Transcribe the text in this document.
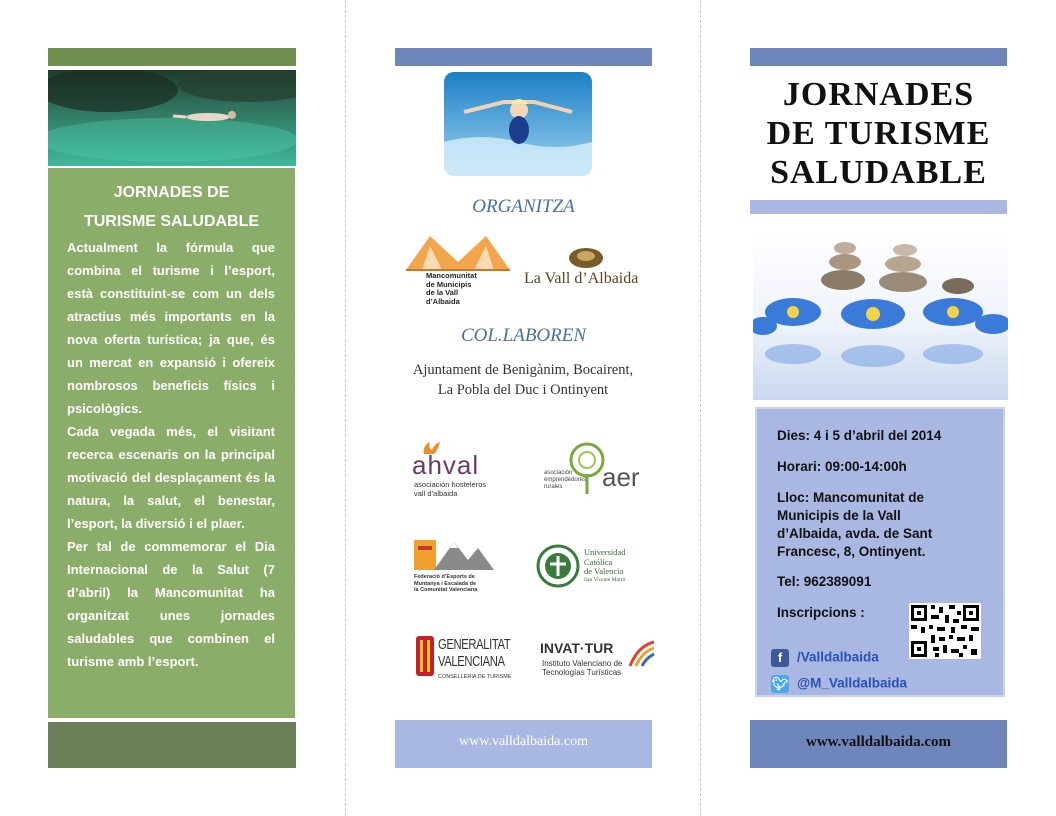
JORNADES DE
TURISME SALUDABLE

Actualment la fórmula que combina el turisme i l’esport, està constituint-se com un dels atractius més importants en la nova oferta turística; ja que, és un mercat en expansió i ofereix nombrosos beneficis físics i psicològics.

Cada vegada més, el visitant recerca escenaris on la principal motivació del desplaçament és la natura, la salut, el benestar, l’esport, la diversió i el plaer.

Per tal de commemorar el Dia Internacional de la Salut (7 d’abril) la Mancomunitat ha organitzat unes jornades saludables que combinen el turisme amb l’esport.

ORGANITZA
Mancomunitat
de Municipis
de la Vall
d’Albaida
La Vall d’Albaida
COL.LABOREN
Ajuntament de Benigànim, Bocairent,
La Pobla del Duc i Ontinyent
ahval
asociación hosteleros
vall d’albaida
asociación
emprendedores
rurales	aer
Federació d’Esports de
Muntanya i Escalada de
la Comunitat Valenciana
Universidad
Católica
de Valencia
San Vicente Mártir
GENERALITAT
VALENCIANA
CONSELLERIA DE TURISME
INVAT·TUR
Instituto Valenciano de
Tecnologías Turísticas
www.valldalbaida.com
JORNADES
DE TURISME
SALUDABLE
Dies: 4 i 5 d’abril del 2014
Horari: 09:00-14:00h
Lloc: Mancomunitat de Municipis de la Vall d’Albaida, avda. de Sant Francesc, 8, Ontinyent.
Tel: 962389091
Inscripcions :
f /Valldalbaida
🐦︎ @M_Valldalbaida
www.valldalbaida.com
